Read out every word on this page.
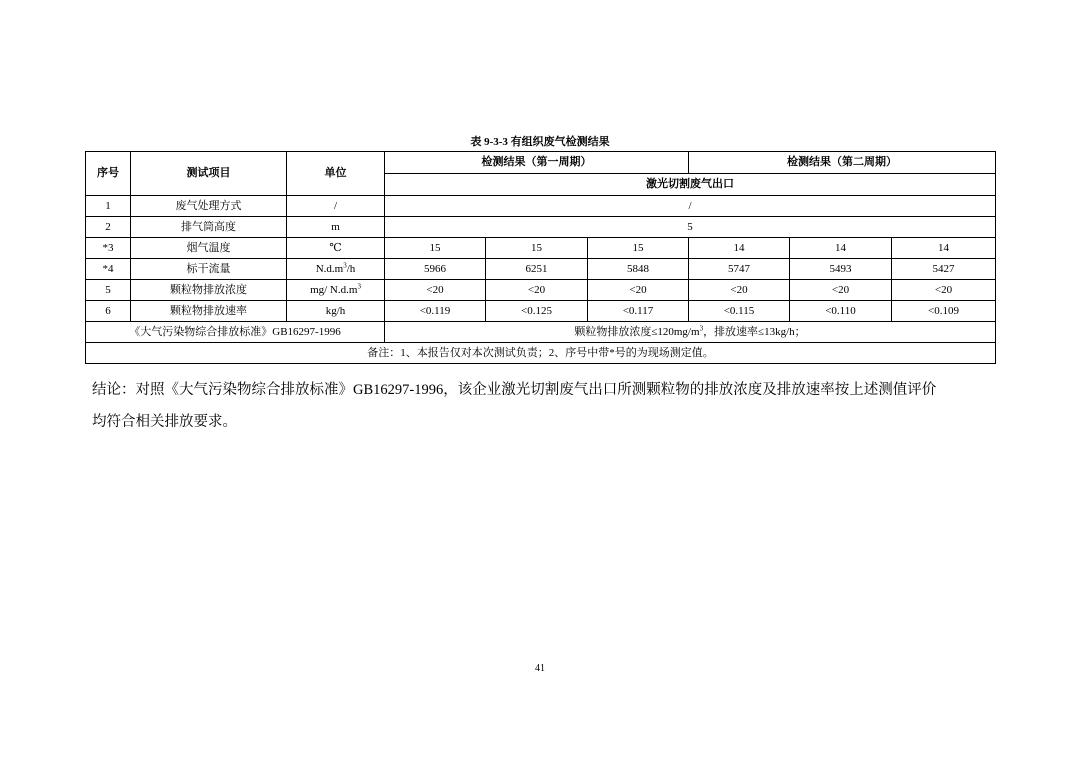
表 9-3-3 有组织废气检测结果
序号	测试项目	单位	检测结果（第一周期）			检测结果（第二周期）		
			激光切割废气出口					
1	废气处理方式	/	/					
2	排气筒高度	m	5					
*3	烟气温度	℃	15	15	15	14	14	14
*4	标干流量	$N.d.m^3/h$	5966	6251	5848	5747	5493	5427
5	颗粒物排放浓度	mg/ $N.d.m^3$	<20	<20	<20	<20	<20	<20
6	颗粒物排放速率	kg/h	<0.119	<0.125	<0.117	<0.115	<0.110	<0.109
《大气污染物综合排放标准》GB16297-1996			颗粒物排放浓度$\le 120mg/m^3$，排放速率≤13kg/h；					
备注：1、本报告仅对本次测试负责；2、序号中带*号的为现场测定值。								
结论：对照《大气污染物综合排放标准》GB16297-1996，该企业激光切割废气出口所测颗粒物的排放浓度及排放速率按上述测值评价
均符合相关排放要求。
41
